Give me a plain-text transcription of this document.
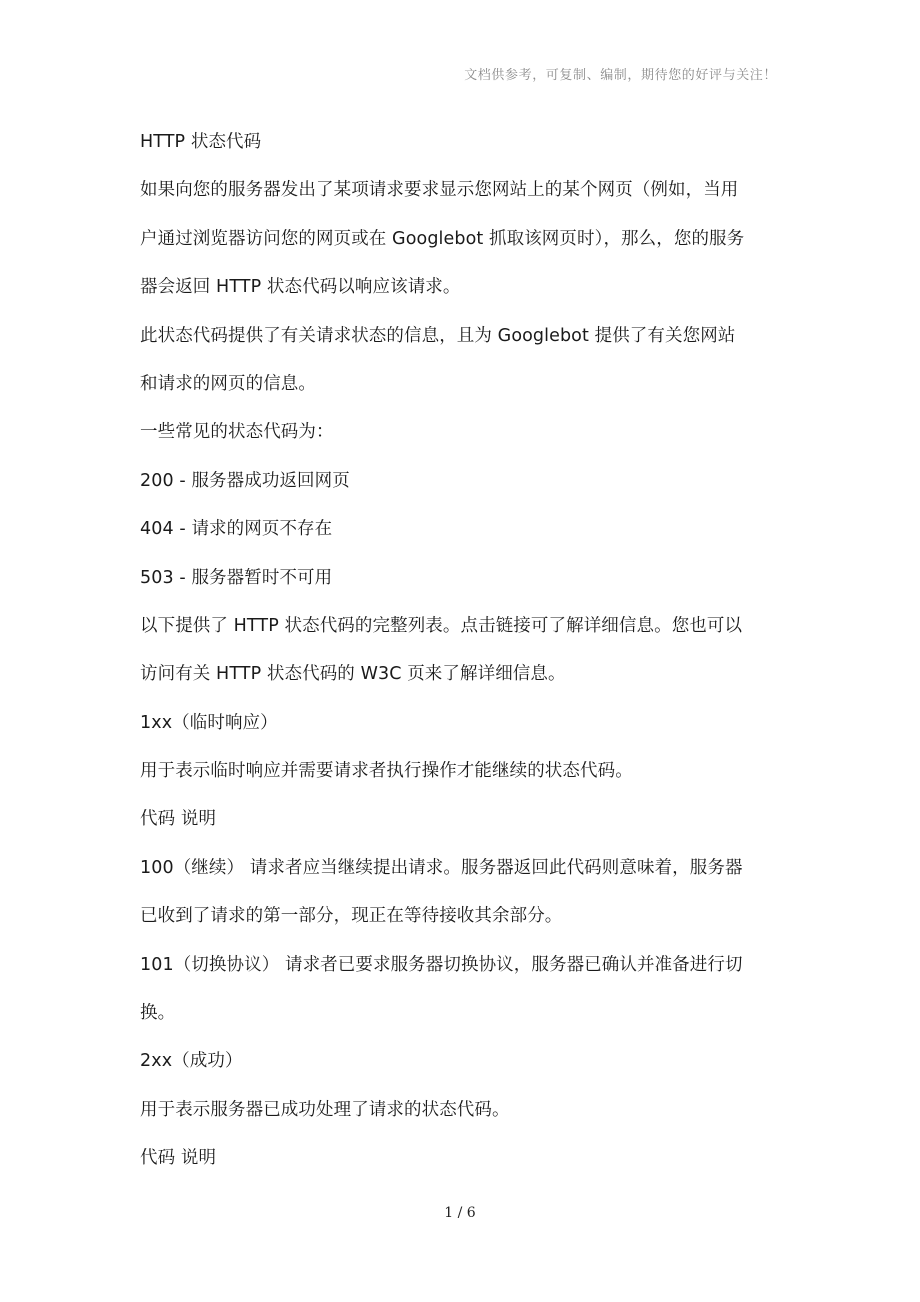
文档供参考，可复制、编制，期待您的好评与关注！
HTTP 状态代码
如果向您的服务器发出了某项请求要求显示您网站上的某个网页（例如，当用
户通过浏览器访问您的网页或在 Googlebot 抓取该网页时），那么，您的服务
器会返回 HTTP 状态代码以响应该请求。
此状态代码提供了有关请求状态的信息，且为 Googlebot 提供了有关您网站
和请求的网页的信息。
一些常见的状态代码为：
200 - 服务器成功返回网页
404 - 请求的网页不存在
503 - 服务器暂时不可用
以下提供了 HTTP 状态代码的完整列表。点击链接可了解详细信息。您也可以
访问有关 HTTP 状态代码的 W3C 页来了解详细信息。
1xx（临时响应）
用于表示临时响应并需要请求者执行操作才能继续的状态代码。
代码 说明
100（继续） 请求者应当继续提出请求。服务器返回此代码则意味着，服务器
已收到了请求的第一部分，现正在等待接收其余部分。
101（切换协议） 请求者已要求服务器切换协议，服务器已确认并准备进行切
换。
2xx（成功）
用于表示服务器已成功处理了请求的状态代码。
代码 说明
1 / 6
